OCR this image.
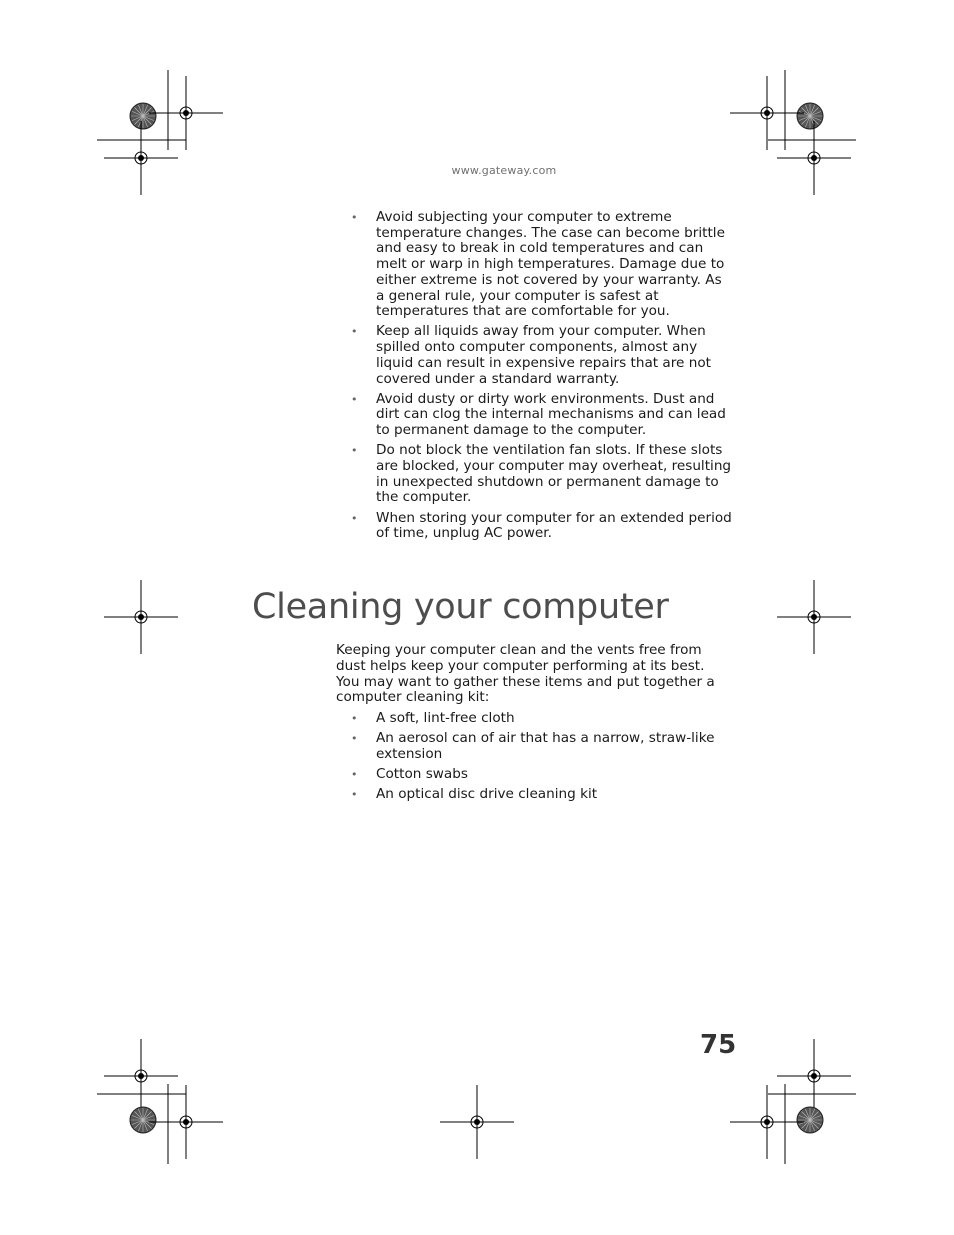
www.gateway.com
• Avoid subjecting your computer to extreme temperature changes. The case can become brittle and easy to break in cold temperatures and can melt or warp in high temperatures. Damage due to either extreme is not covered by your warranty. As a general rule, your computer is safest at temperatures that are comfortable for you.
• Keep all liquids away from your computer. When spilled onto computer components, almost any liquid can result in expensive repairs that are not covered under a standard warranty.
• Avoid dusty or dirty work environments. Dust and dirt can clog the internal mechanisms and can lead to permanent damage to the computer.
• Do not block the ventilation fan slots. If these slots are blocked, your computer may overheat, resulting in unexpected shutdown or permanent damage to the computer.
• When storing your computer for an extended period of time, unplug AC power.
Cleaning your computer

Keeping your computer clean and the vents free from dust helps keep your computer performing at its best. You may want to gather these items and put together a computer cleaning kit:

• A soft, lint-free cloth
• An aerosol can of air that has a narrow, straw-like extension
• Cotton swabs
• An optical disc drive cleaning kit
75
